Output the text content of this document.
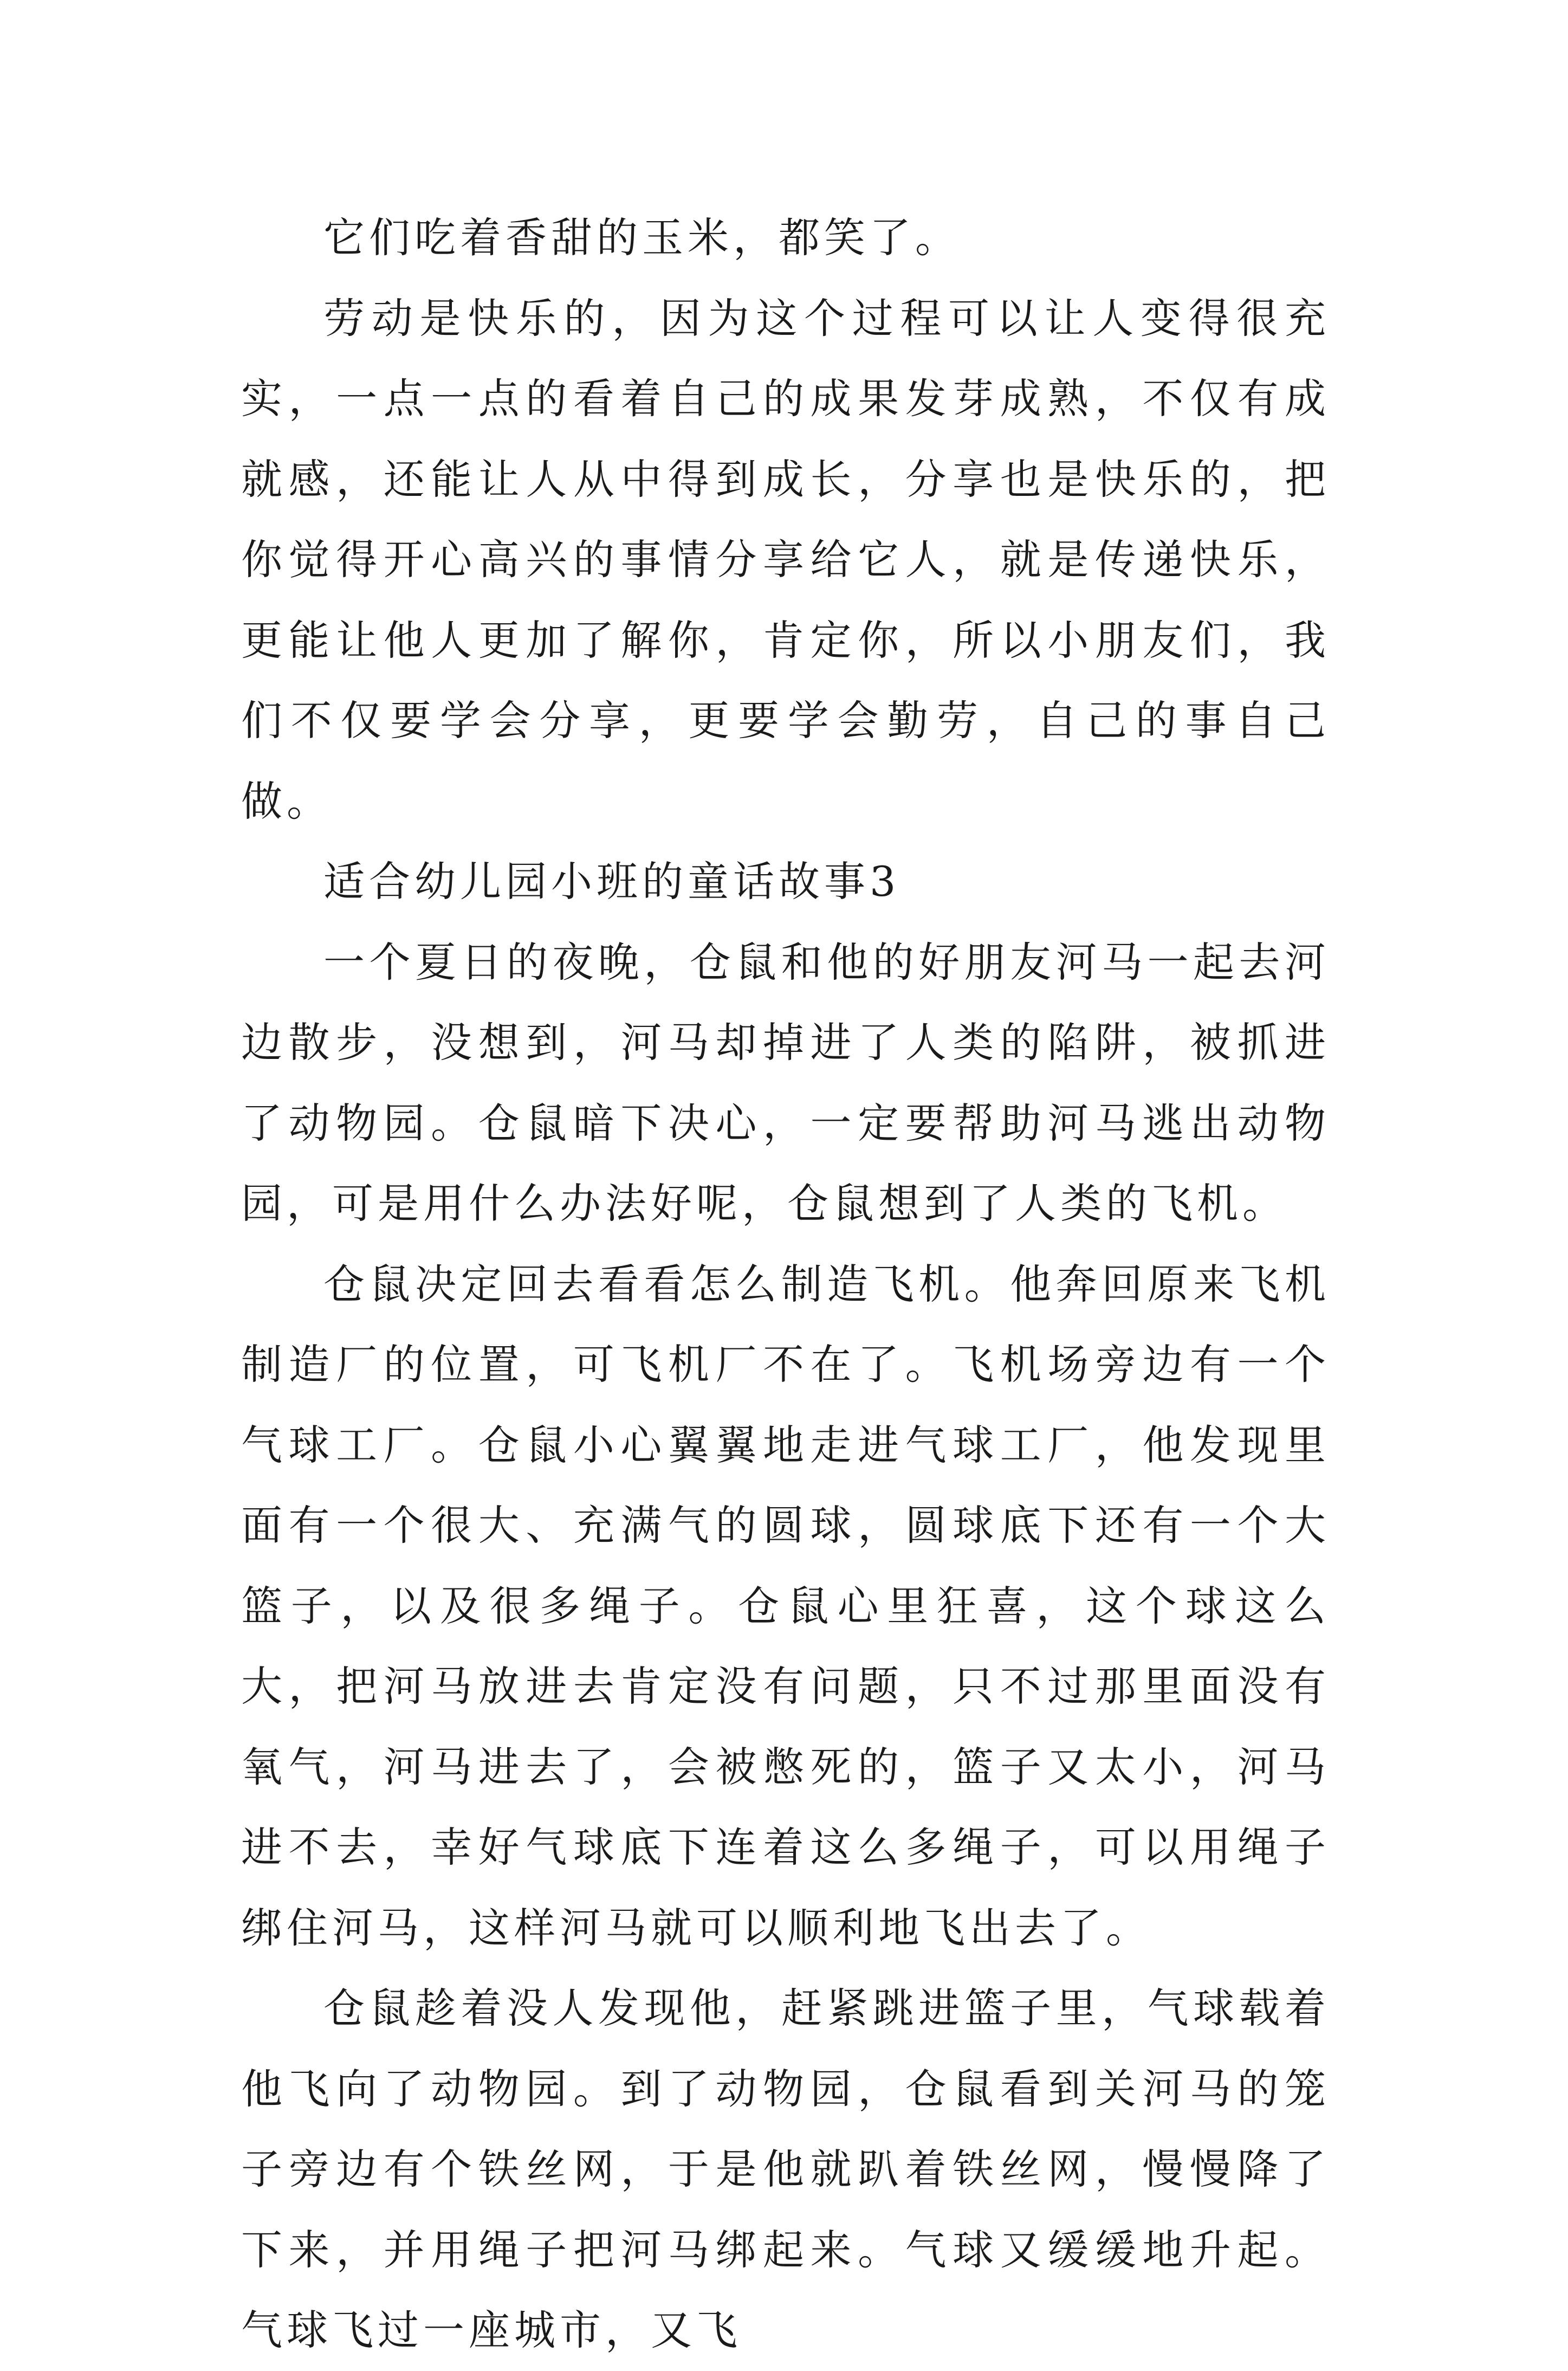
它们吃着香甜的玉米，都笑了。

劳动是快乐的，因为这个过程可以让人变得很充实，一点一点的看着自己的成果发芽成熟，不仅有成就感，还能让人从中得到成长，分享也是快乐的，把你觉得开心高兴的事情分享给它人，就是传递快乐，更能让他人更加了解你，肯定你，所以小朋友们，我们不仅要学会分享，更要学会勤劳，自己的事自己做。

适合幼儿园小班的童话故事3

一个夏日的夜晚，仓鼠和他的好朋友河马一起去河边散步，没想到，河马却掉进了人类的陷阱，被抓进了动物园。仓鼠暗下决心，一定要帮助河马逃出动物园，可是用什么办法好呢，仓鼠想到了人类的飞机。

仓鼠决定回去看看怎么制造飞机。他奔回原来飞机制造厂的位置，可飞机厂不在了。飞机场旁边有一个气球工厂。仓鼠小心翼翼地走进气球工厂，他发现里面有一个很大、充满气的圆球，圆球底下还有一个大篮子，以及很多绳子。仓鼠心里狂喜，这个球这么大，把河马放进去肯定没有问题，只不过那里面没有氧气，河马进去了，会被憋死的，篮子又太小，河马进不去，幸好气球底下连着这么多绳子，可以用绳子绑住河马，这样河马就可以顺利地飞出去了。

仓鼠趁着没人发现他，赶紧跳进篮子里，气球载着他飞向了动物园。到了动物园，仓鼠看到关河马的笼子旁边有个铁丝网，于是他就趴着铁丝网，慢慢降了下来，并用绳子把河马绑起来。气球又缓缓地升起。气球飞过一座城市，又飞
